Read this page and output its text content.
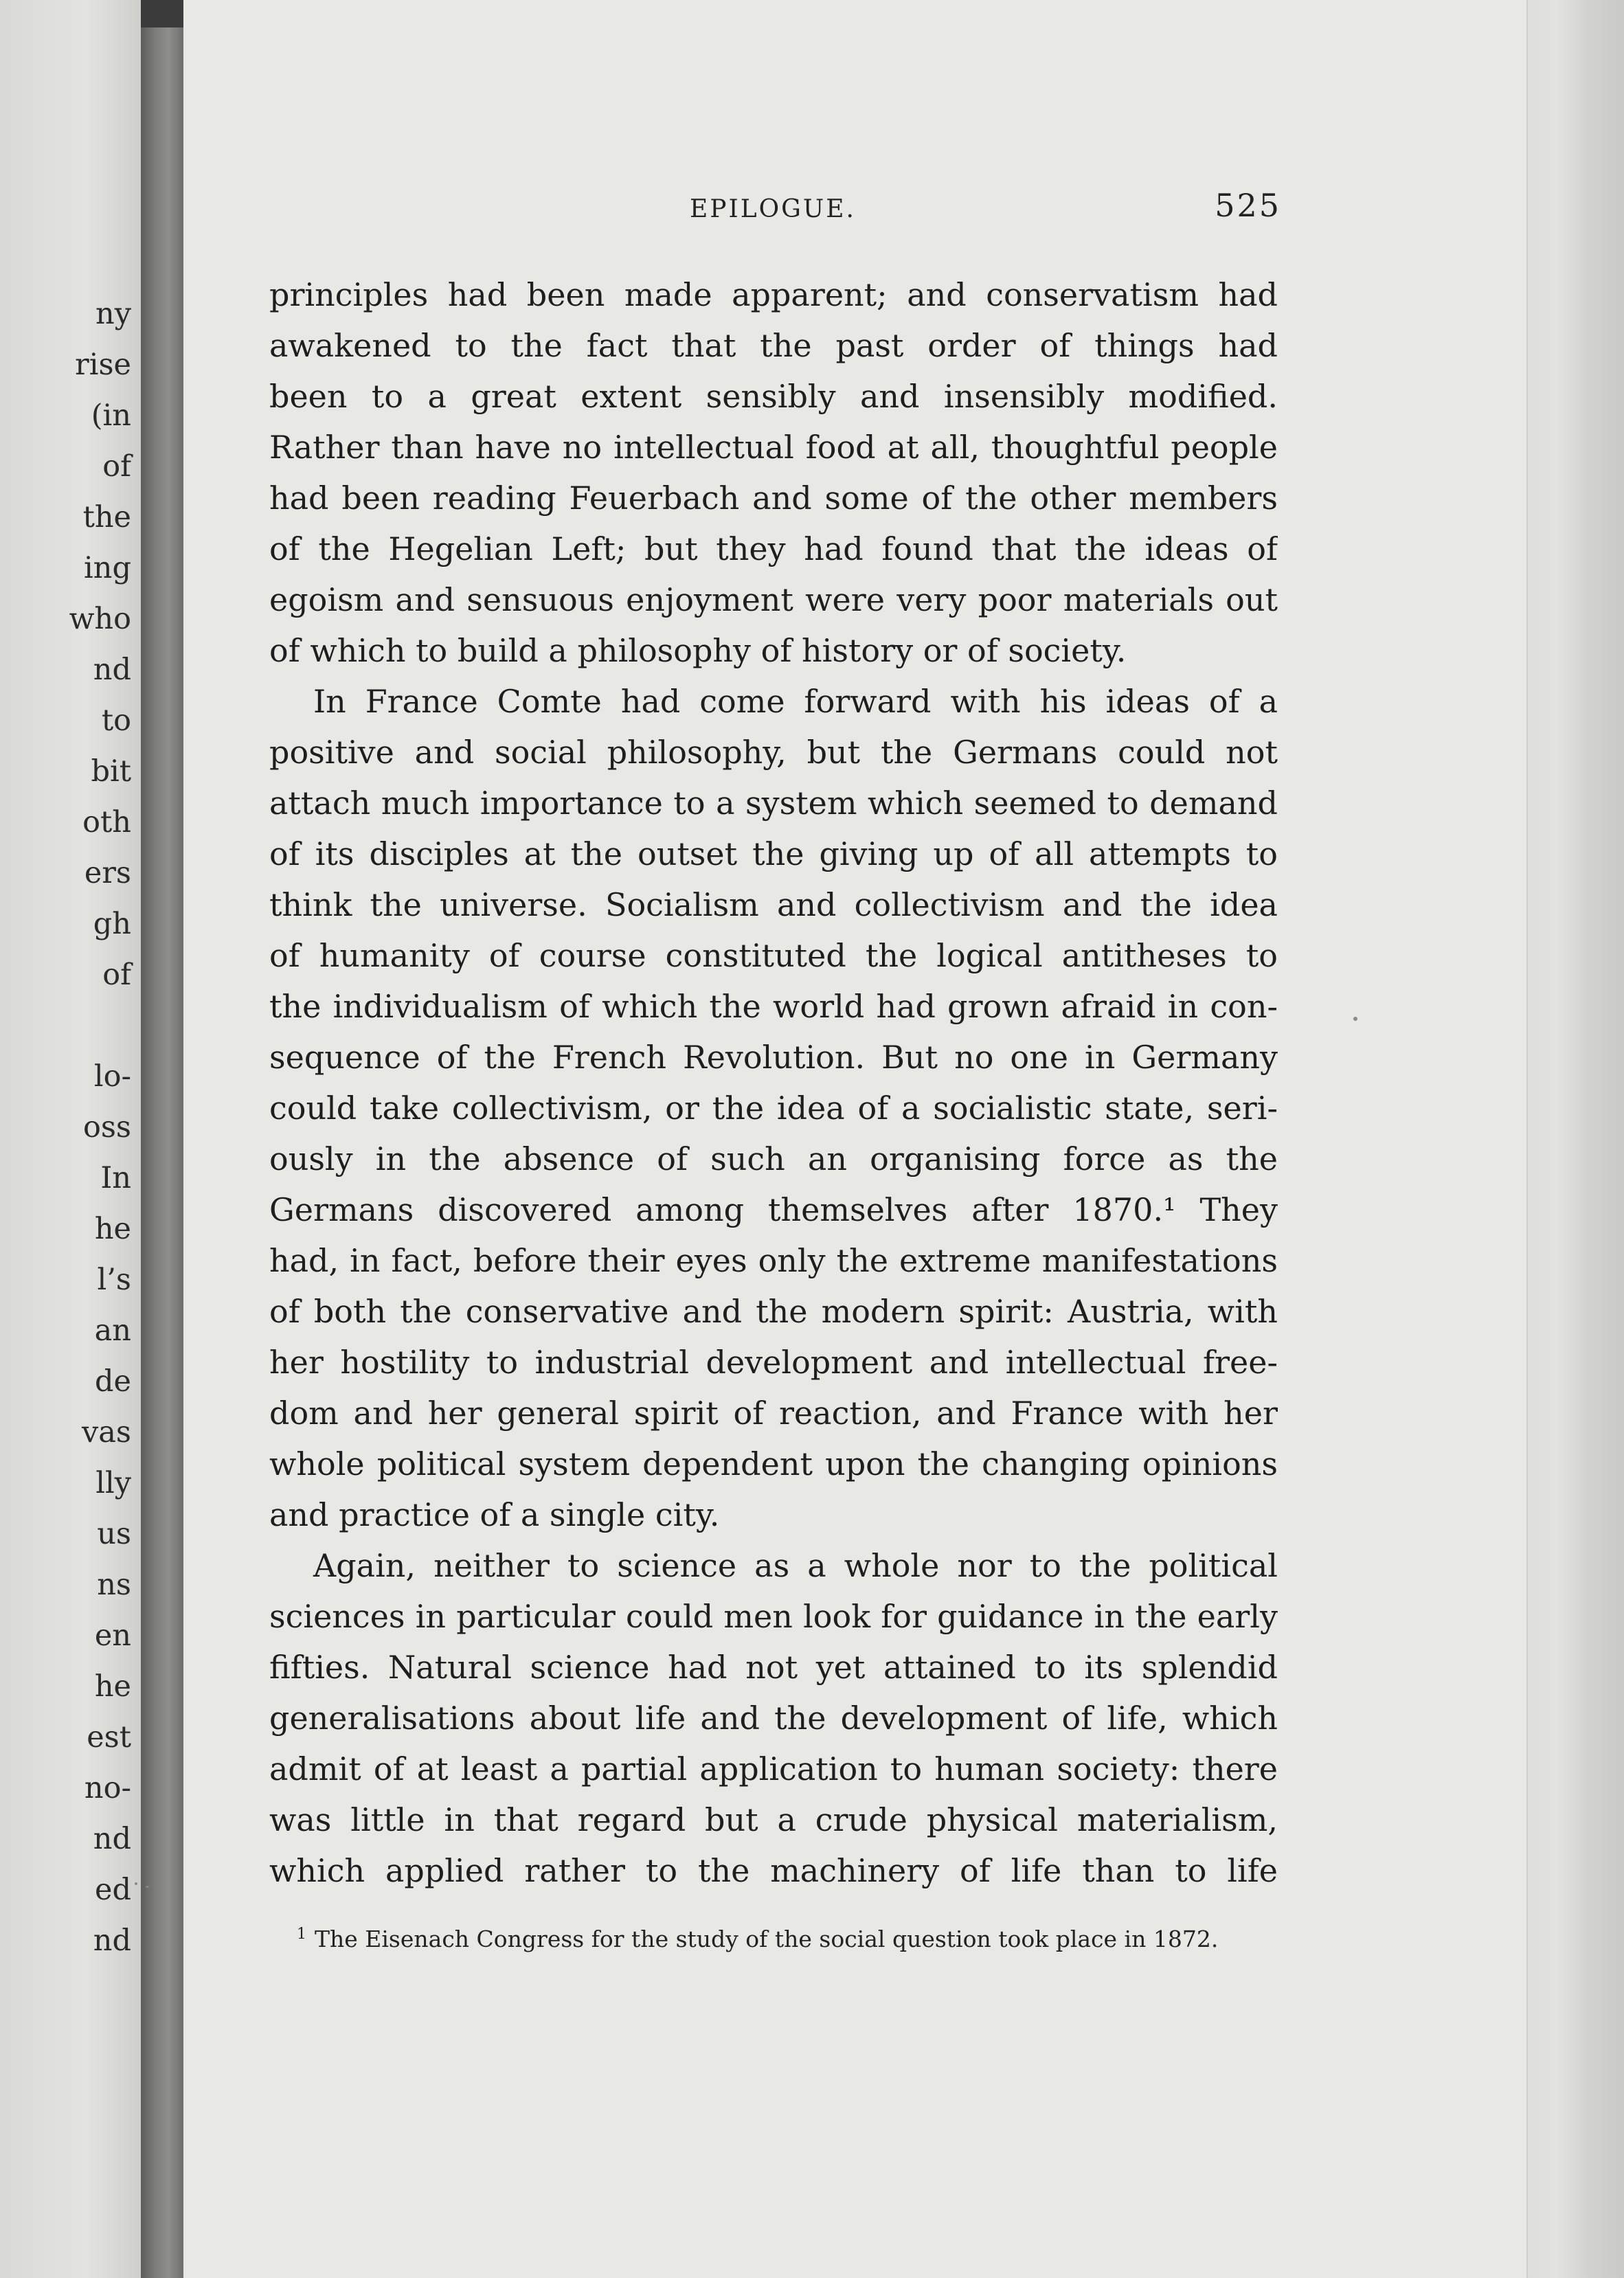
ny
rise
(in
of
the
ing
who
nd
to
bit
oth
ers
gh
of
lo-
oss
In
he
l’s
an
de
vas
lly
us
ns
en
he
est
no-
nd
ed
nd
EPILOGUE.	525
principles had been made apparent; and conservatism had
awakened to the fact that the past order of things had
been to a great extent sensibly and insensibly modified.
Rather than have no intellectual food at all, thoughtful people
had been reading Feuerbach and some of the other members
of the Hegelian Left; but they had found that the ideas of
egoism and sensuous enjoyment were very poor materials out
of which to build a philosophy of history or of society.
In France Comte had come forward with his ideas of a
positive and social philosophy, but the Germans could not
attach much importance to a system which seemed to demand
of its disciples at the outset the giving up of all attempts to
think the universe. Socialism and collectivism and the idea
of humanity of course constituted the logical antitheses to
the individualism of which the world had grown afraid in con-
sequence of the French Revolution. But no one in Germany
could take collectivism, or the idea of a socialistic state, seri-
ously in the absence of such an organising force as the
Germans discovered among themselves after 1870.¹ They
had, in fact, before their eyes only the extreme manifestations
of both the conservative and the modern spirit: Austria, with
her hostility to industrial development and intellectual free-
dom and her general spirit of reaction, and France with her
whole political system dependent upon the changing opinions
and practice of a single city.
Again, neither to science as a whole nor to the political
sciences in particular could men look for guidance in the early
fifties. Natural science had not yet attained to its splendid
generalisations about life and the development of life, which
admit of at least a partial application to human society: there
was little in that regard but a crude physical materialism,
which applied rather to the machinery of life than to life
$^1$ The Eisenach Congress for the study of the social question took place in 1872.
